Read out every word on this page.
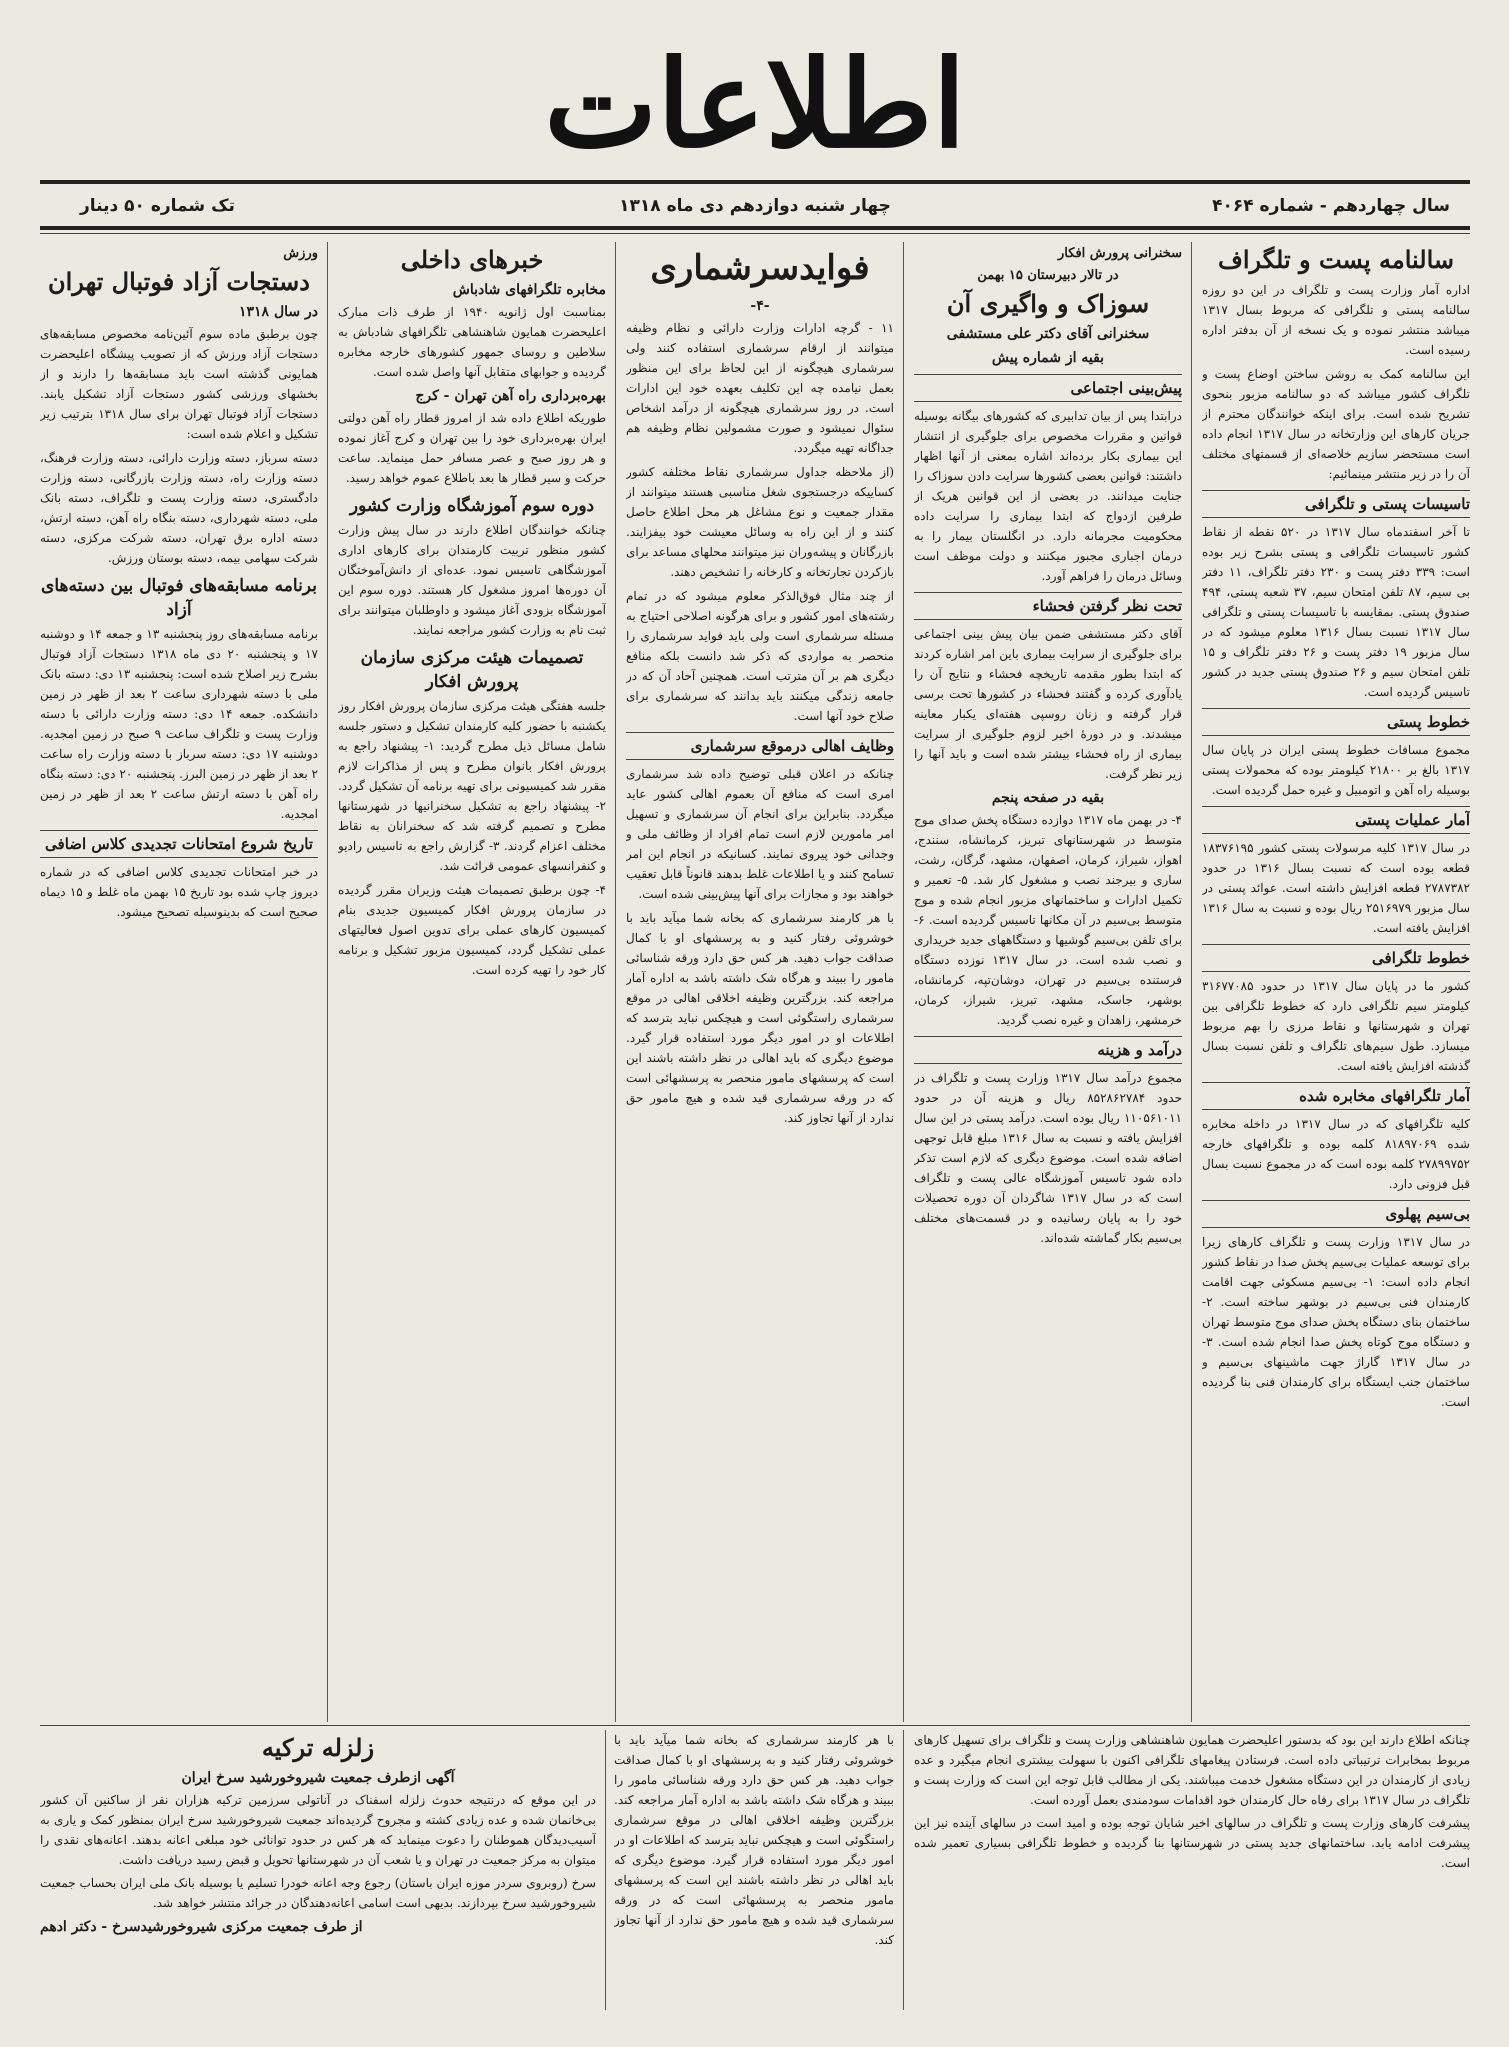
اطلاعات
سال چهاردهم - شماره ۴۰۶۴
چهار شنبه دوازدهم دی ماه ۱۳۱۸
تک شماره ۵۰ دینار
سالنامه پست و تلگراف

اداره آمار وزارت پست و تلگراف در این دو روزه سالنامه پستی و تلگرافی که مربوط بسال ۱۳۱۷ میباشد منتشر نموده و یک نسخه از آن بدفتر اداره رسیده است.

این سالنامه کمک به روشن ساختن اوضاع پست و تلگراف کشور میباشد که دو سالنامه مزبور بنحوی تشریح شده است. برای اینکه خوانندگان محترم از جریان کارهای این وزارتخانه در سال ۱۳۱۷ انجام داده است مستحضر سازیم خلاصه‌ای از قسمتهای مختلف آن را در زیر منتشر مینمائیم:

تاسیسات پستی و تلگرافی

تا آخر اسفندماه سال ۱۳۱۷ در ۵۲۰ نقطه از نقاط کشور تاسیسات تلگرافی و پستی بشرح زیر بوده است: ۳۳۹ دفتر پست و ۲۳۰ دفتر تلگراف، ۱۱ دفتر بی سیم، ۸۷ تلفن امتحان سیم، ۳۷ شعبه پستی، ۴۹۴ صندوق پستی. بمقایسه با تاسیسات پستی و تلگرافی سال ۱۳۱۷ نسبت بسال ۱۳۱۶ معلوم میشود که در سال مزبور ۱۹ دفتر پست و ۲۶ دفتر تلگراف و ۱۵ تلفن امتحان سیم و ۲۶ صندوق پستی جدید در کشور تاسیس گردیده است.

خطوط پستی

مجموع مسافات خطوط پستی ایران در پایان سال ۱۳۱۷ بالغ بر ۲۱۸۰۰ کیلومتر بوده که محمولات پستی بوسیله راه آهن و اتومبیل و غیره حمل گردیده است.

آمار عملیات پستی

در سال ۱۳۱۷ کلیه مرسولات پستی کشور ۱۸۳۷۶۱۹۵ قطعه بوده است که نسبت بسال ۱۳۱۶ در حدود ۲۷۸۷۳۸۲ قطعه افزایش داشته است. عوائد پستی در سال مزبور ۲۵۱۶۹۷۹ ریال بوده و نسبت به سال ۱۳۱۶ افزایش یافته است.

خطوط تلگرافی

کشور ما در پایان سال ۱۳۱۷ در حدود ۳۱۶۷۷۰۸۵ کیلومتر سیم تلگرافی دارد که خطوط تلگرافی بین تهران و شهرستانها و نقاط مرزی را بهم مربوط میسازد. طول سیم‌های تلگراف و تلفن نسبت بسال گذشته افزایش یافته است.

آمار تلگرافهای مخابره شده

کلیه تلگرافهای که در سال ۱۳۱۷ در داخله مخابره شده ۸۱۸۹۷۰۶۹ کلمه بوده و تلگرافهای خارجه ۲۷۸۹۹۷۵۲ کلمه بوده است که در مجموع نسبت بسال قبل فزونی دارد.

بی‌سیم پهلوی

در سال ۱۳۱۷ وزارت پست و تلگراف کارهای زیرا برای توسعه عملیات بی‌سیم پخش صدا در نقاط کشور انجام داده است: ۱- بی‌سیم مسکوئی جهت اقامت کارمندان فنی بی‌سیم در بوشهر ساخته است. ۲- ساختمان بنای دستگاه پخش صدای موج متوسط تهران و دستگاه موج کوتاه پخش صدا انجام شده است. ۳- در سال ۱۳۱۷ گاراژ جهت ماشینهای بی‌سیم و ساختمان جنب ایستگاه برای کارمندان فنی بنا گردیده است.

سخنرانی پرورش افکار
در تالار دبیرستان ۱۵ بهمن
سوزاک و واگیری آن
سخنرانی آقای دکتر علی مستشفی
بقیه از شماره پیش
پیش‌بینی اجتماعی

درابتدا پس از بیان تدابیری که کشورهای بیگانه بوسیله قوانین و مقررات مخصوص برای جلوگیری از انتشار این بیماری بکار برده‌اند اشاره بمعنی از آنها اظهار داشتند: قوانین بعضی کشورها سرایت دادن سوزاک را جنایت میدانند. در بعضی از این قوانین هریک از طرفین ازدواج که ابتدا بیماری را سرایت داده محکومیت مجرمانه دارد. در انگلستان بیمار را به درمان اجباری مجبور میکنند و دولت موظف است وسائل درمان را فراهم آورد.

تحت نظر گرفتن فحشاء

آقای دکتر مستشفی ضمن بیان پیش بینی اجتماعی برای جلوگیری از سرایت بیماری باین امر اشاره کردند که ابتدا بطور مقدمه تاریخچه فحشاء و نتایج آن را یادآوری کرده و گفتند فحشاء در کشورها تحت برسی قرار گرفته و زنان روسپی هفته‌ای یکبار معاینه میشدند. و در دورهٔ اخیر لزوم جلوگیری از سرایت بیماری از راه فحشاء بیشتر شده است و باید آنها را زیر نظر گرفت.

بقیه در صفحه پنجم

۴- در بهمن ماه ۱۳۱۷ دوازده دستگاه پخش صدای موج متوسط در شهرستانهای تبریز، کرمانشاه، سنندج، اهواز، شیراز، کرمان، اصفهان، مشهد، گرگان، رشت، ساری و بیرجند نصب و مشغول کار شد. ۵- تعمیر و تکمیل ادارات و ساختمانهای مزبور انجام شده و موج متوسط بی‌سیم در آن مکانها تاسیس گردیده است. ۶- برای تلفن بی‌سیم گوشیها و دستگاههای جدید خریداری و نصب شده است. در سال ۱۳۱۷ نوزده دستگاه فرستنده بی‌سیم در تهران، دوشان‌تپه، کرمانشاه، بوشهر، جاسک، مشهد، تبریز، شیراز، کرمان، خرمشهر، زاهدان و غیره نصب گردید.

درآمد و هزینه

مجموع درآمد سال ۱۳۱۷ وزارت پست و تلگراف در حدود ۸۵۲۸۶۲۷۸۴ ریال و هزینه آن در حدود ۱۱۰۵۶۱۰۱۱ ریال بوده است. درآمد پستی در این سال افزایش یافته و نسبت به سال ۱۳۱۶ مبلغ قابل توجهی اضافه شده است. موضوع دیگری که لازم است تذکر داده شود تاسیس آموزشگاه عالی پست و تلگراف است که در سال ۱۳۱۷ شاگردان آن دوره تحصیلات خود را به پایان رسانیده و در قسمت‌های مختلف بی‌سیم بکار گماشته شده‌اند.

فوایدسرشماری
-۴-

۱۱ - گرچه ادارات وزارت دارائی و نظام وظیفه میتوانند از ارقام سرشماری استفاده کنند ولی سرشماری هیچگونه از این لحاظ برای این منظور بعمل نیامده چه این تکلیف بعهده خود این ادارات است. در روز سرشماری هیچگونه از درآمد اشخاص سئوال نمیشود و صورت مشمولین نظام وظیفه هم جداگانه تهیه میگردد.

(از ملاحظه جداول سرشماری نقاط مختلفه کشور کساییکه درجستجوی شغل مناسبی هستند میتوانند از مقدار جمعیت و نوع مشاغل هر محل اطلاع حاصل کنند و از این راه به وسائل معیشت خود بیفزایند. بازرگانان و پیشه‌وران نیز میتوانند محلهای مساعد برای بازکردن تجارتخانه و کارخانه را تشخیص دهند.

از چند مثال فوق‌الذکر معلوم میشود که در تمام رشته‌های امور کشور و برای هرگونه اصلاحی احتیاج به مسئله سرشماری است ولی باید فواید سرشماری را منحصر به مواردی که ذکر شد دانست بلکه منافع دیگری هم بر آن مترتب است. همچنین آحاد آن که در جامعه زندگی میکنند باید بدانند که سرشماری برای صلاح خود آنها است.

وظایف اهالی درموقع سرشماری

چنانکه در اعلان قبلی توضیح داده شد سرشماری امری است که منافع آن بعموم اهالی کشور عاید میگردد. بنابراین برای انجام آن سرشماری و تسهیل امر مامورین لازم است تمام افراد از وظائف ملی و وجدانی خود پیروی نمایند. کسانیکه در انجام این امر تسامح کنند و یا اطلاعات غلط بدهند قانوناً قابل تعقیب خواهند بود و مجازات برای آنها پیش‌بینی شده است.

با هر کارمند سرشماری که بخانه شما میآید باید با خوشروئی رفتار کنید و به پرسشهای او با کمال صداقت جواب دهید. هر کس حق دارد ورقه شناسائی مامور را ببیند و هرگاه شک داشته باشد به اداره آمار مراجعه کند. بزرگترین وظیفه اخلاقی اهالی در موقع سرشماری راستگوئی است و هیچکس نباید بترسد که اطلاعات او در امور دیگر مورد استفاده قرار گیرد. موضوع دیگری که باید اهالی در نظر داشته باشند این است که پرسشهای مامور منحصر به پرسشهائی است که در ورقه سرشماری قید شده و هیچ مامور حق ندارد از آنها تجاوز کند.

خبرهای داخلی
مخابره تلگرافهای شادباش

بمناسبت اول ژانویه ۱۹۴۰ از طرف ذات مبارک اعلیحضرت همایون شاهنشاهی تلگرافهای شادباش به سلاطین و روسای جمهور کشورهای خارجه مخابره گردیده و جوابهای متقابل آنها واصل شده است.

بهره‌برداری راه آهن تهران - کرج

طوریکه اطلاع داده شد از امروز قطار راه آهن دولتی ایران بهره‌برداری خود را بین تهران و کرج آغاز نموده و هر روز صبح و عصر مسافر حمل مینماید. ساعت حرکت و سیر قطار ها بعد باطلاع عموم خواهد رسید.

دوره سوم آموزشگاه وزارت کشور

چنانکه خوانندگان اطلاع دارند در سال پیش وزارت کشور منظور تربیت کارمندان برای کارهای اداری آموزشگاهی تاسیس نمود. عده‌ای از دانش‌آموختگان آن دوره‌ها امروز مشغول کار هستند. دوره سوم این آموزشگاه بزودی آغاز میشود و داوطلبان میتوانند برای ثبت نام به وزارت کشور مراجعه نمایند.

تصمیمات هیئت مرکزی سازمان پرورش افکار

جلسه هفتگی هیئت مرکزی سازمان پرورش افکار روز یکشنبه با حضور کلیه کارمندان تشکیل و دستور جلسه شامل مسائل ذیل مطرح گردید: ۱- پیشنهاد راجع به پرورش افکار بانوان مطرح و پس از مذاکرات لازم مقرر شد کمیسیونی برای تهیه برنامه آن تشکیل گردد. ۲- پیشنهاد راجع به تشکیل سخنرانیها در شهرستانها مطرح و تصمیم گرفته شد که سخنرانان به نقاط مختلف اعزام گردند. ۳- گزارش راجع به تاسیس رادیو و کنفرانسهای عمومی قرائت شد.

۴- چون برطبق تصمیمات هیئت وزیران مقرر گردیده در سازمان پرورش افکار کمیسیون جدیدی بنام کمیسیون کارهای عملی برای تدوین اصول فعالیتهای عملی تشکیل گردد، کمیسیون مزبور تشکیل و برنامه کار خود را تهیه کرده است.

ورزش
دستجات آزاد فوتبال تهران
در سال ۱۳۱۸

چون برطبق ماده سوم آئین‌نامه مخصوص مسابقه‌های دستجات آزاد ورزش که از تصویب پیشگاه اعلیحضرت همایونی گذشته است باید مسابقه‌ها را دارند و از بخشهای ورزشی کشور دستجات آزاد تشکیل یابند. دستجات آزاد فوتبال تهران برای سال ۱۳۱۸ بترتیب زیر تشکیل و اعلام شده است:

دسته سرباز، دسته وزارت دارائی، دسته وزارت فرهنگ، دسته وزارت راه، دسته وزارت بازرگانی، دسته وزارت دادگستری، دسته وزارت پست و تلگراف، دسته بانک ملی، دسته شهرداری، دسته بنگاه راه آهن، دسته ارتش، دسته اداره برق تهران، دسته شرکت مرکزی، دسته شرکت سهامی بیمه، دسته بوستان ورزش.

برنامه مسابقه‌های فوتبال بین دسته‌های آزاد

برنامه مسابقه‌های روز پنجشنبه ۱۳ و جمعه ۱۴ و دوشنبه ۱۷ و پنجشنبه ۲۰ دی ماه ۱۳۱۸ دستجات آزاد فوتبال بشرح زیر اصلاح شده است: پنجشنبه ۱۳ دی: دسته بانک ملی با دسته شهرداری ساعت ۲ بعد از ظهر در زمین دانشکده. جمعه ۱۴ دی: دسته وزارت دارائی با دسته وزارت پست و تلگراف ساعت ۹ صبح در زمین امجدیه. دوشنبه ۱۷ دی: دسته سرباز با دسته وزارت راه ساعت ۲ بعد از ظهر در زمین البرز. پنجشنبه ۲۰ دی: دسته بنگاه راه آهن با دسته ارتش ساعت ۲ بعد از ظهر در زمین امجدیه.

تاریخ شروع امتحانات تجدیدی کلاس اضافی

در خبر امتحانات تجدیدی کلاس اضافی که در شماره دیروز چاپ شده بود تاریخ ۱۵ بهمن ماه غلط و ۱۵ دیماه صحیح است که بدینوسیله تصحیح میشود.

چنانکه اطلاع دارند این بود که بدستور اعلیحضرت همایون شاهنشاهی وزارت پست و تلگراف برای تسهیل کارهای مربوط بمخابرات ترتیباتی داده است. فرستادن پیغامهای تلگرافی اکنون با سهولت بیشتری انجام میگیرد و عده زیادی از کارمندان در این دستگاه مشغول خدمت میباشند. یکی از مطالب قابل توجه این است که وزارت پست و تلگراف در سال ۱۳۱۷ برای رفاه حال کارمندان خود اقدامات سودمندی بعمل آورده است.

پیشرفت کارهای وزارت پست و تلگراف در سالهای اخیر شایان توجه بوده و امید است در سالهای آینده نیز این پیشرفت ادامه یابد. ساختمانهای جدید پستی در شهرستانها بنا گردیده و خطوط تلگرافی بسیاری تعمیر شده است.

با هر کارمند سرشماری که بخانه شما میآید باید با خوشروئی رفتار کنید و به پرسشهای او با کمال صداقت جواب دهید. هر کس حق دارد ورقه شناسائی مامور را ببیند و هرگاه شک داشته باشد به اداره آمار مراجعه کند. بزرگترین وظیفه اخلاقی اهالی در موقع سرشماری راستگوئی است و هیچکس نباید بترسد که اطلاعات او در امور دیگر مورد استفاده قرار گیرد. موضوع دیگری که باید اهالی در نظر داشته باشند این است که پرسشهای مامور منحصر به پرسشهائی است که در ورقه سرشماری قید شده و هیچ مامور حق ندارد از آنها تجاوز کند.

زلزله ترکیه
آگهی ازطرف جمعیت شیروخورشید سرخ ایران

در این موقع که درنتیجه حدوث زلزله اسفناک در آناتولی سرزمین ترکیه هزاران نفر از ساکنین آن کشور بی‌خانمان شده و عده زیادی کشته و مجروح گردیده‌اند جمعیت شیروخورشید سرخ ایران بمنظور کمک و یاری به آسیب‌دیدگان هموطنان را دعوت مینماید که هر کس در حدود توانائی خود مبلغی اعانه بدهند. اعانه‌های نقدی را میتوان به مرکز جمعیت در تهران و یا شعب آن در شهرستانها تحویل و قبض رسید دریافت داشت.

سرخ (روبروی سردر موزه ایران باستان) رجوع وجه اعانه خودرا تسلیم یا بوسیله بانک ملی ایران بحساب جمعیت شیروخورشید سرخ بپردازند. بدیهی است اسامی اعانه‌دهندگان در جرائد منتشر خواهد شد.

از طرف جمعیت مرکزی شیروخورشیدسرخ - دکتر ادهم
